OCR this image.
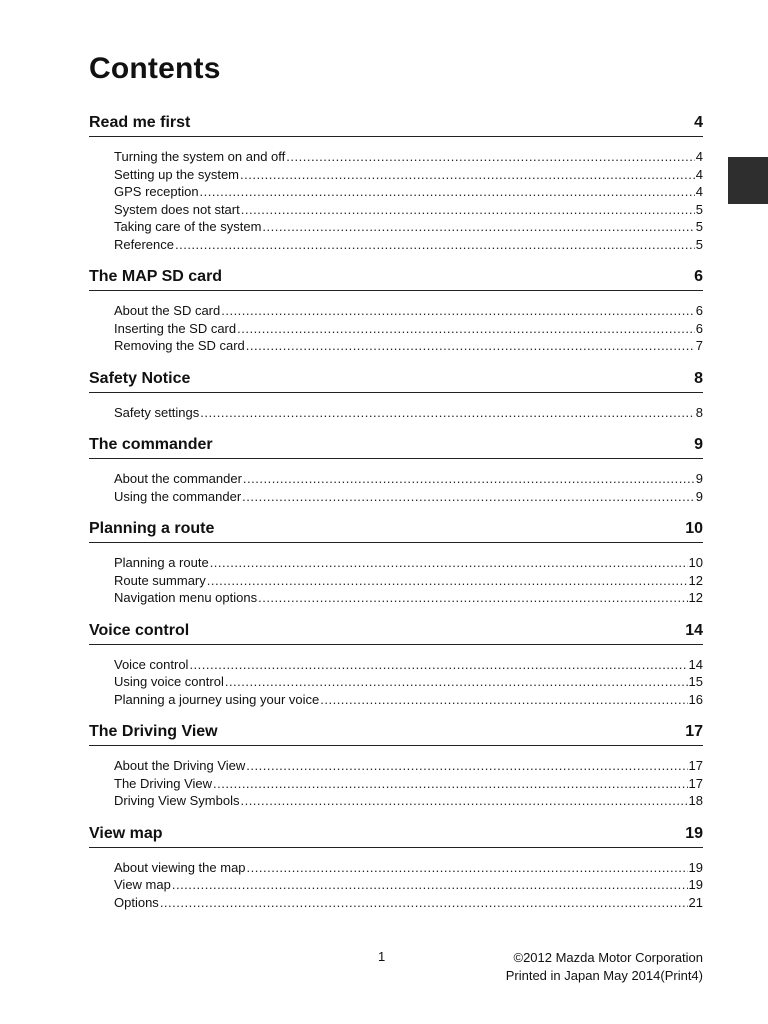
Contents
Read me first	4
Turning the system on and off .....	4
Setting up the system .....	4
GPS reception .....	4
System does not start .....	5
Taking care of the system .....	5
Reference .....	5
The MAP SD card	6
About the SD card .....	6
Inserting the SD card .....	6
Removing the SD card .....	7
Safety Notice	8
Safety settings .....	8
The commander	9
About the commander .....	9
Using the commander .....	9
Planning a route	10
Planning a route .....	10
Route summary .....	12
Navigation menu options .....	12
Voice control	14
Voice control .....	14
Using voice control .....	15
Planning a journey using your voice .....	16
The Driving View	17
About the Driving View .....	17
The Driving View .....	17
Driving View Symbols .....	18
View map	19
About viewing the map .....	19
View map .....	19
Options .....	21
1	©2012 Mazda Motor Corporation
Printed in Japan May 2014(Print4)
